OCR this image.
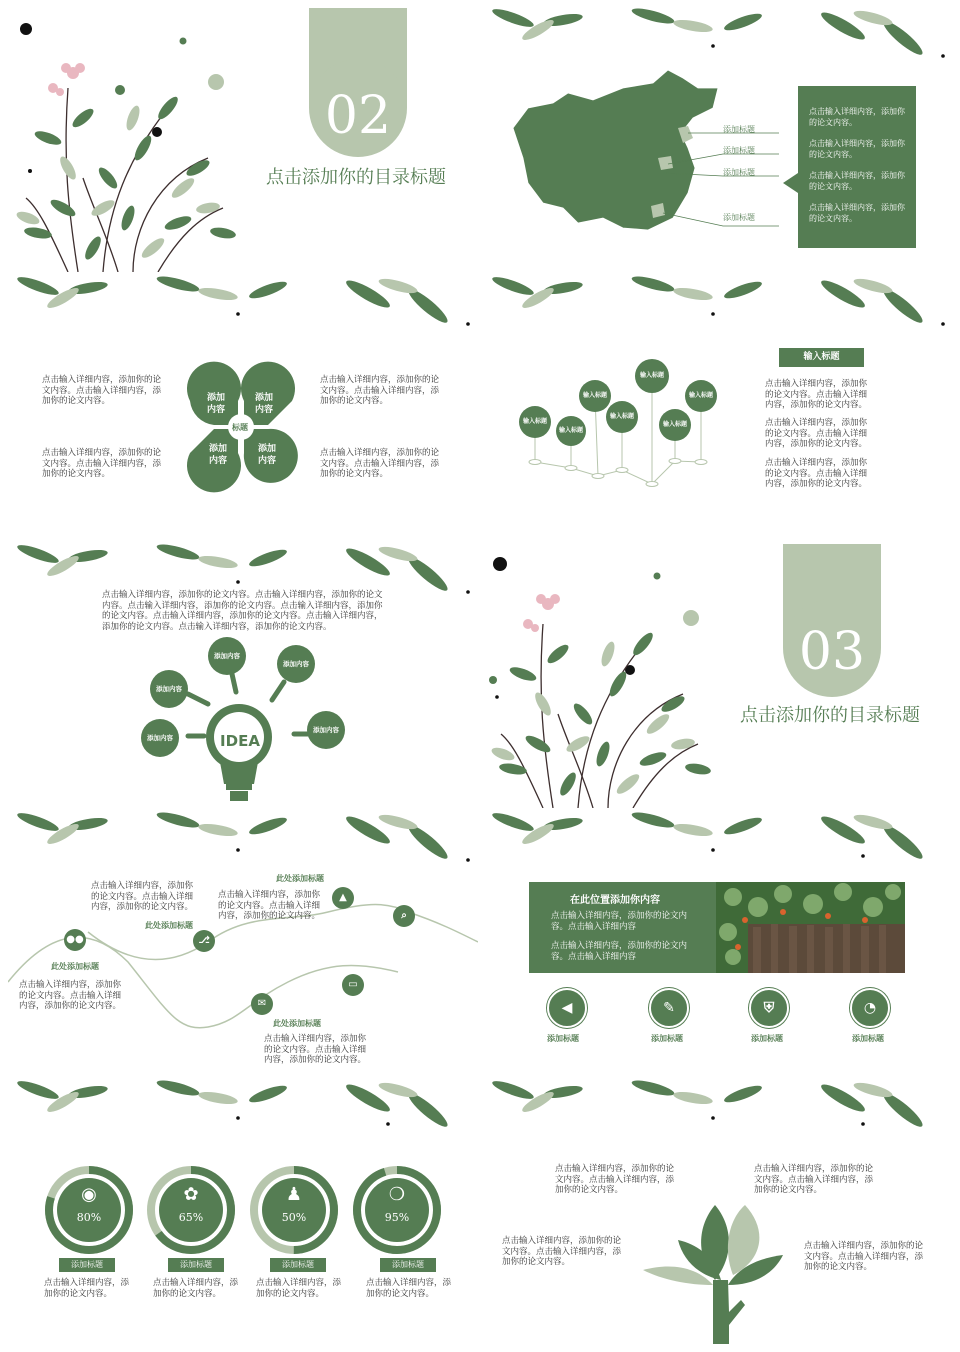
02
点击添加你的目录标题
添加标题
添加标题
添加标题
添加标题
点击输入详细内容，添加你的论文内容。
点击输入详细内容，添加你的论文内容。
点击输入详细内容，添加你的论文内容。
点击输入详细内容，添加你的论文内容。
添加内容
添加内容
添加内容
添加内容
标题
点击输入详细内容，添加你的论文内容。点击输入详细内容，添加你的论文内容。
点击输入详细内容，添加你的论文内容。点击输入详细内容，添加你的论文内容。
点击输入详细内容，添加你的论文内容。点击输入详细内容，添加你的论文内容。
点击输入详细内容，添加你的论文内容。点击输入详细内容，添加你的论文内容。
输入标题
输入标题
输入标题
输入标题
输入标题
输入标题
输入标题
输入标题
点击输入详细内容，添加你的论文内容。点击输入详细内容，添加你的论文内容。
点击输入详细内容，添加你的论文内容。点击输入详细内容，添加你的论文内容。
点击输入详细内容，添加你的论文内容。点击输入详细内容，添加你的论文内容。
IDEA
点击输入详细内容，添加你的论文内容。点击输入详细内容，添加你的论文内容。点击输入详细内容，添加你的论文内容。点击输入详细内容，添加你的论文内容。点击输入详细内容，添加你的论文内容。点击输入详细内容，添加你的论文内容。点击输入详细内容，添加你的论文内容。
添加内容
添加内容
添加内容
添加内容
添加内容
03
点击添加你的目录标题
●●	⎇
✉
▲
▭
⌕
此处添加标题
此处添加标题
此处添加标题
此处添加标题
点击输入详细内容，添加你的论文内容。点击输入详细内容，添加你的论文内容。
点击输入详细内容，添加你的论文内容。点击输入详细内容，添加你的论文内容。
点击输入详细内容，添加你的论文内容。点击输入详细内容，添加你的论文内容。
点击输入详细内容，添加你的论文内容。点击输入详细内容，添加你的论文内容。
在此位置添加你内容
点击输入详细内容，添加你的论文内容。点击输入详细内容
点击输入详细内容，添加你的论文内容。点击输入详细内容
◀	✎	⛨	◔
添加标题	添加标题	添加标题	添加标题
◉	✿	♟	❍
80%	65%	50%	95%
添加标题	添加标题	添加标题	添加标题
点击输入详细内容，添加你的论文内容。
点击输入详细内容，添加你的论文内容。
点击输入详细内容，添加你的论文内容。
点击输入详细内容，添加你的论文内容。
点击输入详细内容，添加你的论文内容。点击输入详细内容，添加你的论文内容。
点击输入详细内容，添加你的论文内容。点击输入详细内容，添加你的论文内容。
点击输入详细内容，添加你的论文内容。点击输入详细内容，添加你的论文内容。
点击输入详细内容，添加你的论文内容。点击输入详细内容，添加你的论文内容。
